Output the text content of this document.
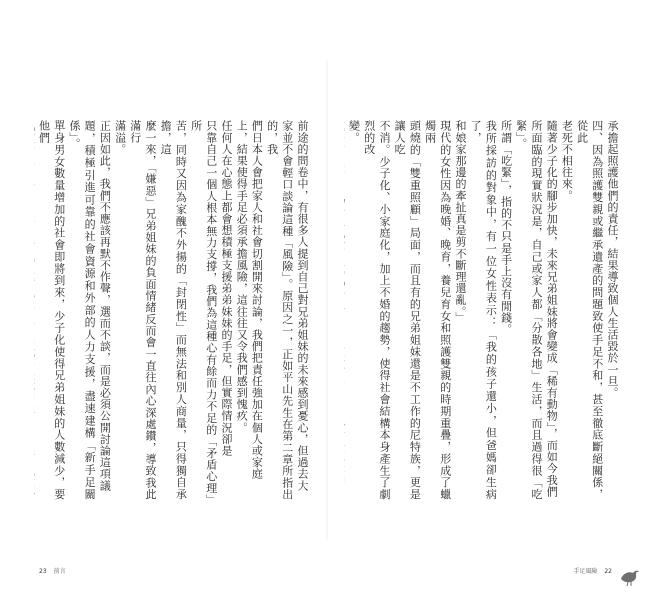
前途的問卷中，有很多人提到自己對兄弟姐妹的未來感到憂心，但過去大
家並不會輕口談論這種「風險」。原因之一，正如平山先生在第二章所指出的，我
們日本人會把家人和社會切割開來討論，我們把責任強加在個人或家庭
上，結果使得手足必須承擔風險，這往往又令我們感到愧疚。
任何人在心態上都會想積極支援弟弟妹妹的手足，但實際情況卻是
只靠自己一個人根本無力支撐，我們為這種心有餘而力不足的「矛盾心理」所
苦，同時又因為家醜不外揚的「封閉性」而無法和別人商量，只得獨自承擔，這
麼一來，「嫌惡」兄弟姐妹的負面情緒反而會一直往內心深處鑽，導致我此滿行
滿溢。
正因如此，我們不應該再默不作聲，選而不談，而是必須公開討論這項議
題，積極引進可靠的社會資源和外部的人力支援，盡速建構「新手足關係」。
單身男女數量增加的社會即將到來，少子化使得兄弟姐妹的人數減少，要他們	承擔起照護他們的責任，結果導致個人生活毀於一旦。
四、因為照護雙親或繼承遺產的問題致使手足不和，甚至徹底斷絕關係，從此
老死不相往來。
隨著少子化的腳步加快，未來兄弟姐妹將會變成「稀有動物」，而如今我們
所面臨的現實狀況是，自己或家人都「分散各地」生活，而且過得很「吃緊」。
所謂「吃緊」，指的不只是手上沒有閒錢。
我所採訪的對象中，有一位女性表示：「我的孩子還小，但爸媽卻生病了，
和娘家那邊的牽扯真是剪不斷理還亂。」
現代的女性因為晚婚、晚育，養兒育女和照護雙親的時期重疊，形成了蠟燭兩
頭燒的「雙重照顧」局面，而且有的兄弟姐妹還是不工作的尼特族，更是讓人吃
不消。少子化、小家庭化，加上不婚的趨勢，使得社會結構本身產生了劇烈的改
變。

23 前言	手足風險 22
